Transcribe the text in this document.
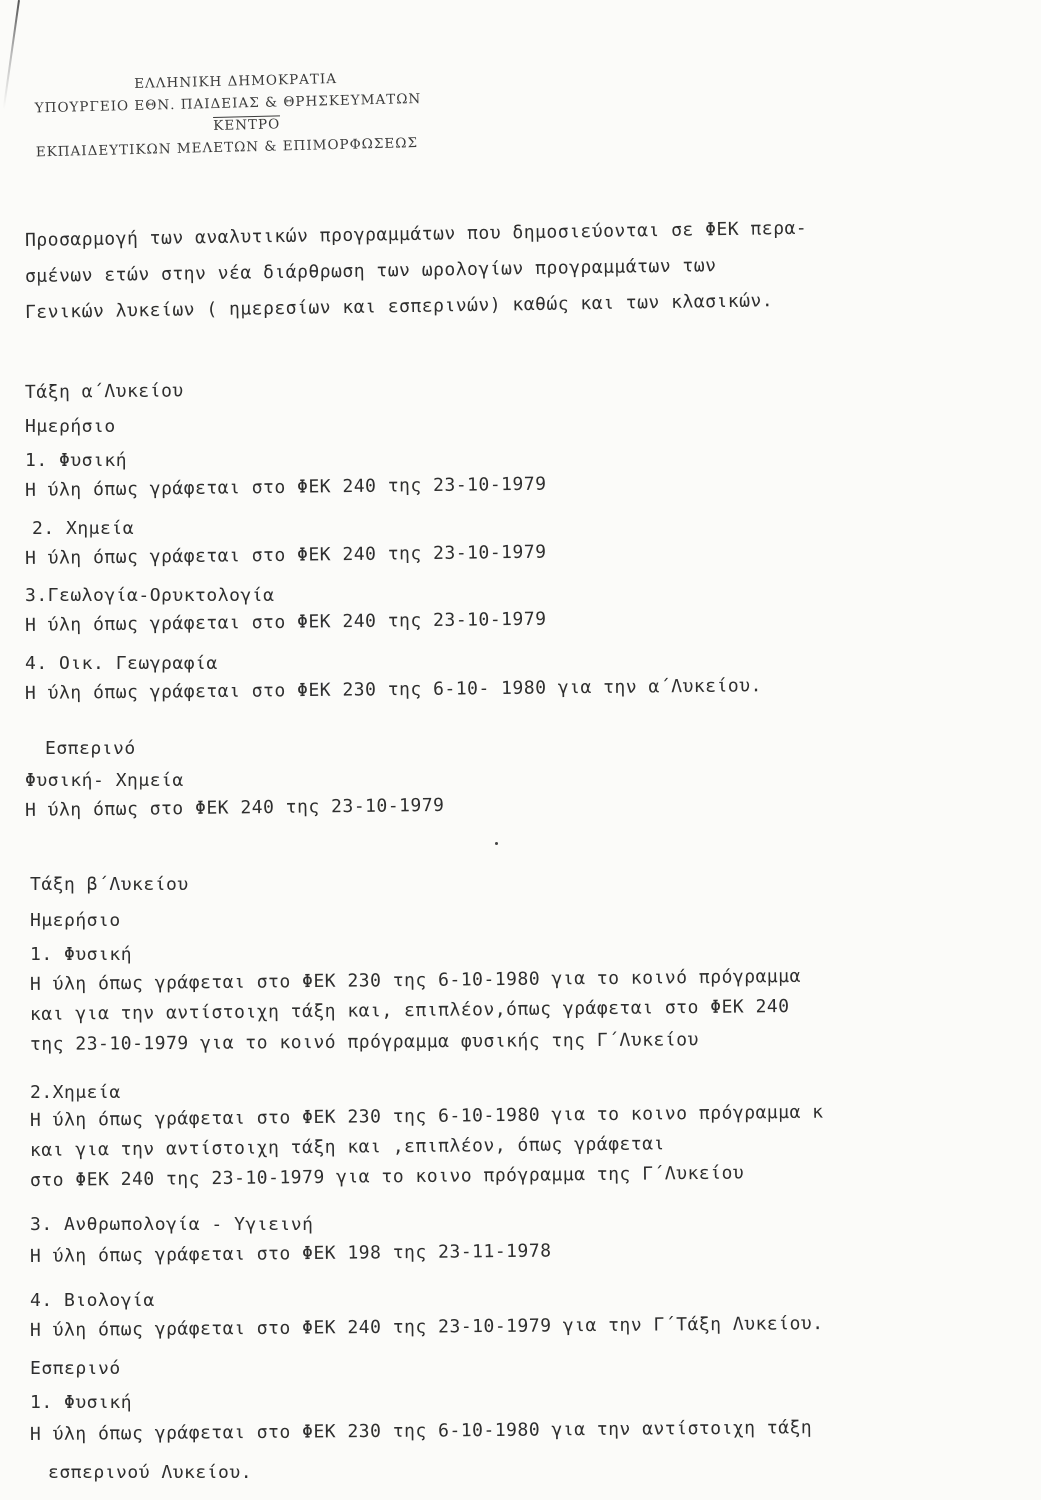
ΕΛΛΗΝΙΚΗ ΔΗΜΟΚΡΑΤΙΑ
ΥΠΟΥΡΓΕΙΟ ΕΘΝ. ΠΑΙΔΕΙΑΣ & ΘΡΗΣΚΕΥΜΑΤΩΝ
ΚΕΝΤΡΟ
ΕΚΠΑΙΔΕΥΤΙΚΩΝ ΜΕΛΕΤΩΝ & ΕΠΙΜΟΡΦΩΣΕΩΣ
Προσαρμογή των αναλυτικών προγραμμάτων που δημοσιεύονται σε ΦΕΚ περα-
σμένων ετών στην νέα διάρθρωση των ωρολογίων προγραμμάτων των
Γενικών λυκείων ( ημερεσίων και εσπερινών) καθώς και των κλασικών.
Τάξη α΄Λυκείου
Ημερήσιο
1. Φυσική
Η ύλη όπως γράφεται στο ΦΕΚ 240 της 23-10-1979
2. Χημεία
Η ύλη όπως γράφεται στο ΦΕΚ 240 της 23-10-1979
3.Γεωλογία-Ορυκτολογία
Η ύλη όπως γράφεται στο ΦΕΚ 240 της 23-10-1979
4. Οικ. Γεωγραφία
Η ύλη όπως γράφεται στο ΦΕΚ 230 της 6-10- 1980 για την α΄Λυκείου.
Εσπερινό
Φυσική- Χημεία
Η ύλη όπως στο ΦΕΚ 240 της 23-10-1979
Τάξη β΄Λυκείου
Ημερήσιο
1. Φυσική
Η ύλη όπως γράφεται στο ΦΕΚ 230 της 6-10-1980 για το κοινό πρόγραμμα
και για την αντίστοιχη τάξη και, επιπλέον,όπως γράφεται στο ΦΕΚ 240
της 23-10-1979 για το κοινό πρόγραμμα φυσικής της Γ΄Λυκείου
2.Χημεία
Η ύλη όπως γράφεται στο ΦΕΚ 230 της 6-10-1980 για το κοινο πρόγραμμα κ
και για την αντίστοιχη τάξη και ,επιπλέον, όπως γράφεται
στο ΦΕΚ 240 της 23-10-1979 για το κοινο πρόγραμμα της Γ΄Λυκείου
3. Ανθρωπολογία - Υγιεινή
Η ύλη όπως γράφεται στο ΦΕΚ 198 της 23-11-1978
4. Βιολογία
Η ύλη όπως γράφεται στο ΦΕΚ 240 της 23-10-1979 για την Γ΄Τάξη Λυκείου.
Εσπερινό
1. Φυσική
Η ύλη όπως γράφεται στο ΦΕΚ 230 της 6-10-1980 για την αντίστοιχη τάξη
εσπερινού Λυκείου.
